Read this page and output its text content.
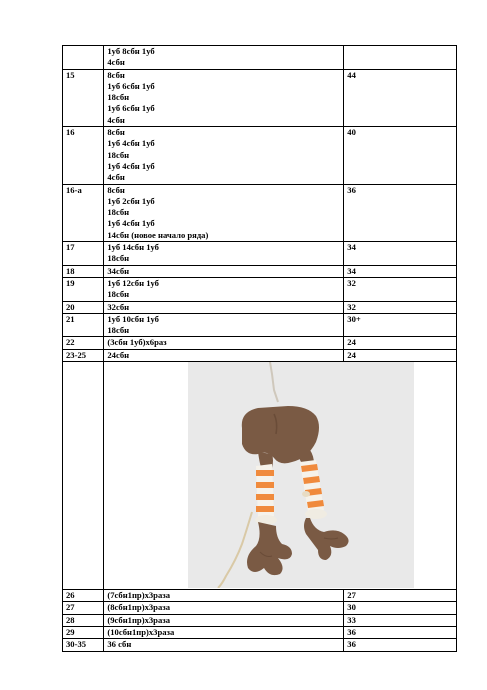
	1уб 8сбн 1уб
4сбн	

15	8сбн
1уб 6сбн 1уб
18сбн
1уб 6сбн 1уб
4сбн	44
16	8сбн
1уб 4сбн 1уб
18сбн
1уб 4сбн 1уб
4сбн	40
16-а	8сбн
1уб 2сбн 1уб
18сбн
1уб 4сбн 1уб
14сбн (новое начало ряда)	36
17	1уб 14сбн 1уб
18сбн	34
18	34сбн	34
19	1уб 12сбн 1уб
18сбн	32
20	32сбн	32
21	1уб 10сбн 1уб
18сбн	30+
22	(3сбн 1уб)х6раз	24
23-25	24сбн	24

26	(7сбн1пр)х3раза	27
27	(8сбн1пр)х3раза	30
28	(9сбн1пр)х3раза	33
29	(10сбн1пр)х3раза	36
30-35	36 сбн	36
